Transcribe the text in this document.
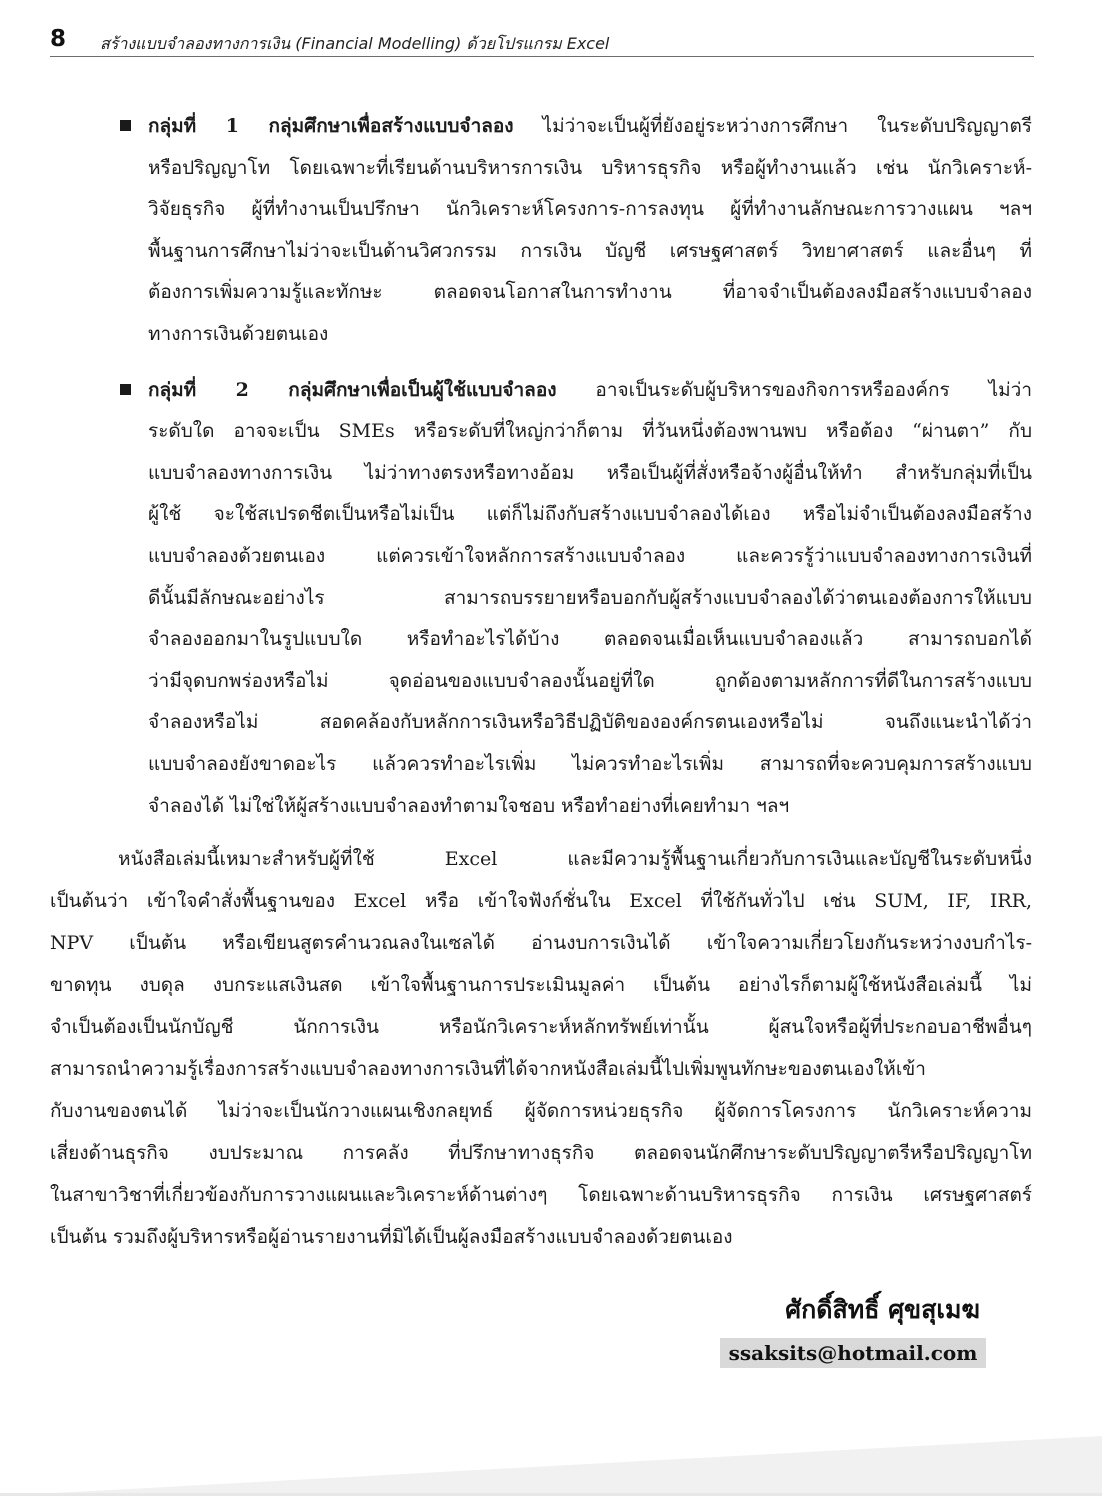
8 สร้างแบบจำลองทางการเงิน (Financial Modelling) ด้วยโปรแกรม Excel
กลุ่มที่ 1 กลุ่มศึกษาเพื่อสร้างแบบจำลอง ไม่ว่าจะเป็นผู้ที่ยังอยู่ระหว่างการศึกษา ในระดับปริญญาตรี
หรือปริญญาโท โดยเฉพาะที่เรียนด้านบริหารการเงิน บริหารธุรกิจ หรือผู้ทำงานแล้ว เช่น นักวิเคราะห์-
วิจัยธุรกิจ ผู้ที่ทำงานเป็นปรึกษา นักวิเคราะห์โครงการ-การลงทุน ผู้ที่ทำงานลักษณะการวางแผน ฯลฯ
พื้นฐานการศึกษาไม่ว่าจะเป็นด้านวิศวกรรม การเงิน บัญชี เศรษฐศาสตร์ วิทยาศาสตร์ และอื่นๆ ที่
ต้องการเพิ่มความรู้และทักษะ ตลอดจนโอกาสในการทำงาน ที่อาจจำเป็นต้องลงมือสร้างแบบจำลอง
ทางการเงินด้วยตนเอง
กลุ่มที่ 2 กลุ่มศึกษาเพื่อเป็นผู้ใช้แบบจำลอง อาจเป็นระดับผู้บริหารของกิจการหรือองค์กร ไม่ว่า
ระดับใด อาจจะเป็น SMEs หรือระดับที่ใหญ่กว่าก็ตาม ที่วันหนึ่งต้องพานพบ หรือต้อง “ผ่านตา” กับ
แบบจำลองทางการเงิน ไม่ว่าทางตรงหรือทางอ้อม หรือเป็นผู้ที่สั่งหรือจ้างผู้อื่นให้ทำ สำหรับกลุ่มที่เป็น
ผู้ใช้ จะใช้สเปรดชีตเป็นหรือไม่เป็น แต่ก็ไม่ถึงกับสร้างแบบจำลองได้เอง หรือไม่จำเป็นต้องลงมือสร้าง
แบบจำลองด้วยตนเอง แต่ควรเข้าใจหลักการสร้างแบบจำลอง และควรรู้ว่าแบบจำลองทางการเงินที่
ดีนั้นมีลักษณะอย่างไร สามารถบรรยายหรือบอกกับผู้สร้างแบบจำลองได้ว่าตนเองต้องการให้แบบ
จำลองออกมาในรูปแบบใด หรือทำอะไรได้บ้าง ตลอดจนเมื่อเห็นแบบจำลองแล้ว สามารถบอกได้
ว่ามีจุดบกพร่องหรือไม่ จุดอ่อนของแบบจำลองนั้นอยู่ที่ใด ถูกต้องตามหลักการที่ดีในการสร้างแบบ
จำลองหรือไม่ สอดคล้องกับหลักการเงินหรือวิธีปฏิบัติขององค์กรตนเองหรือไม่ จนถึงแนะนำได้ว่า
แบบจำลองยังขาดอะไร แล้วควรทำอะไรเพิ่ม ไม่ควรทำอะไรเพิ่ม สามารถที่จะควบคุมการสร้างแบบ
จำลองได้ ไม่ใช่ให้ผู้สร้างแบบจำลองทำตามใจชอบ หรือทำอย่างที่เคยทำมา ฯลฯ
หนังสือเล่มนี้เหมาะสำหรับผู้ที่ใช้ Excel และมีความรู้พื้นฐานเกี่ยวกับการเงินและบัญชีในระดับหนึ่ง
เป็นต้นว่า เข้าใจคำสั่งพื้นฐานของ Excel หรือ เข้าใจฟังก์ชั่นใน Excel ที่ใช้กันทั่วไป เช่น SUM, IF, IRR,
NPV เป็นต้น หรือเขียนสูตรคำนวณลงในเซลได้ อ่านงบการเงินได้ เข้าใจความเกี่ยวโยงกันระหว่างงบกำไร-
ขาดทุน งบดุล งบกระแสเงินสด เข้าใจพื้นฐานการประเมินมูลค่า เป็นต้น อย่างไรก็ตามผู้ใช้หนังสือเล่มนี้ ไม่
จำเป็นต้องเป็นนักบัญชี นักการเงิน หรือนักวิเคราะห์หลักทรัพย์เท่านั้น ผู้สนใจหรือผู้ที่ประกอบอาชีพอื่นๆ
สามารถนำความรู้เรื่องการสร้างแบบจำลองทางการเงินที่ได้จากหนังสือเล่มนี้ไปเพิ่มพูนทักษะของตนเองให้เข้า
กับงานของตนได้ ไม่ว่าจะเป็นนักวางแผนเชิงกลยุทธ์ ผู้จัดการหน่วยธุรกิจ ผู้จัดการโครงการ นักวิเคราะห์ความ
เสี่ยงด้านธุรกิจ งบประมาณ การคลัง ที่ปรึกษาทางธุรกิจ ตลอดจนนักศึกษาระดับปริญญาตรีหรือปริญญาโท
ในสาขาวิชาที่เกี่ยวข้องกับการวางแผนและวิเคราะห์ด้านต่างๆ โดยเฉพาะด้านบริหารธุรกิจ การเงิน เศรษฐศาสตร์
เป็นต้น รวมถึงผู้บริหารหรือผู้อ่านรายงานที่มิได้เป็นผู้ลงมือสร้างแบบจำลองด้วยตนเอง
ศักดิ์สิทธิ์ ศุขสุเมฆ
ssaksits@hotmail.com
